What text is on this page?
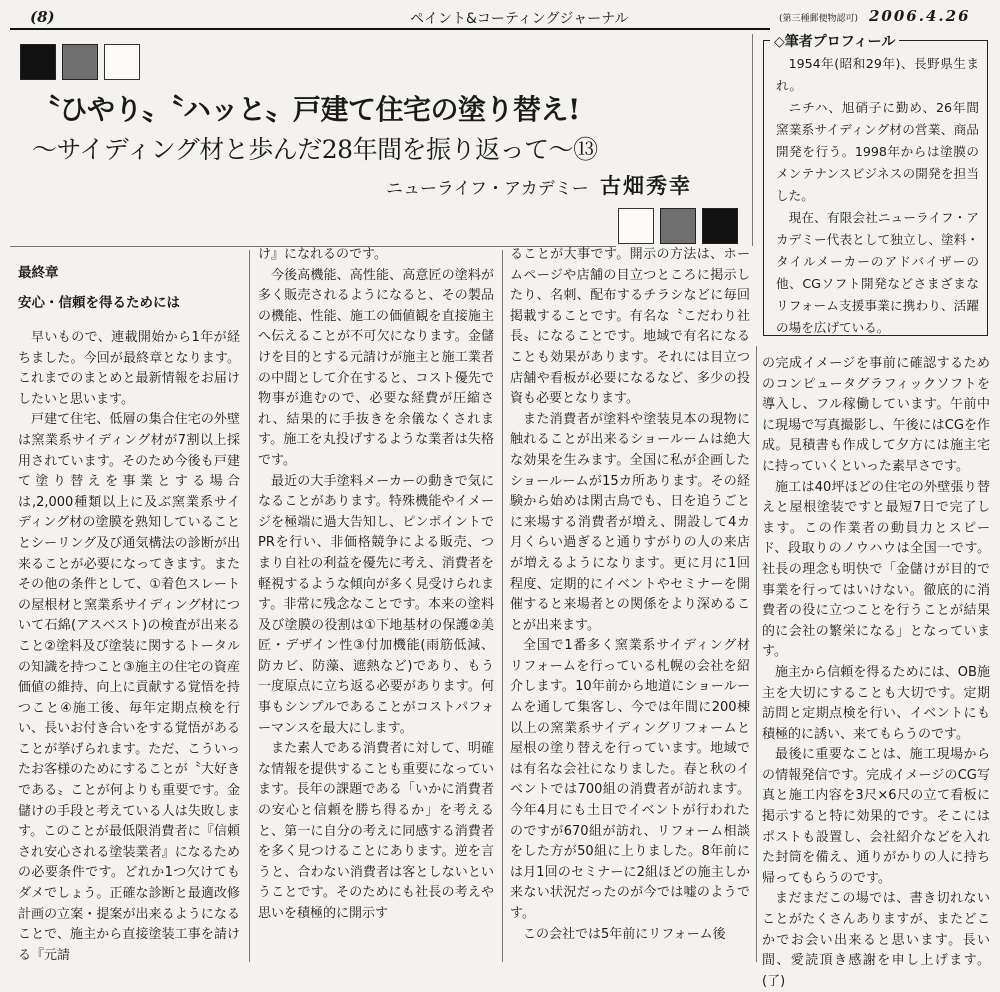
(8)	ペイント&コーティングジャーナル	(第三種郵便物認可) 2006.4.26
〝ひやり〟〝ハッと〟戸建て住宅の塗り替え!
〜サイディング材と歩んだ28年間を振り返って〜⑬
ニューライフ・アカデミー 古畑秀幸
◇筆者プロフィール

1954年(昭和29年)、長野県生まれ。

ニチハ、旭硝子に勤め、26年間窯業系サイディング材の営業、商品開発を行う。1998年からは塗膜のメンテナンスビジネスの開発を担当した。

現在、有限会社ニューライフ・アカデミー代表として独立し、塗料・タイルメーカーのアドバイザーの他、CGソフト開発などさまざまなリフォーム支援事業に携わり、活躍の場を広げている。

最終章
安心・信頼を得るためには

早いもので、連載開始から1年が経ちました。今回が最終章となります。これまでのまとめと最新情報をお届けしたいと思います。

戸建て住宅、低層の集合住宅の外壁は窯業系サイディング材が7割以上採用されています。そのため今後も戸建て塗り替えを事業とする場合は,2,000種類以上に及ぶ窯業系サイディング材の塗膜を熟知していることとシーリング及び通気構法の診断が出来ることが必要になってきます。またその他の条件として、①着色スレートの屋根材と窯業系サイディング材について石綿(アスベスト)の検査が出来ること②塗料及び塗装に関するトータルの知識を持つこと③施主の住宅の資産価値の維持、向上に貢献する覚悟を持つこと④施工後、毎年定期点検を行い、長いお付き合いをする覚悟があることが挙げられます。ただ、こういったお客様のためにすることが〝大好きである〟ことが何よりも重要です。金儲けの手段と考えている人は失敗します。このことが最低限消費者に『信頼され安心される塗装業者』になるための必要条件です。どれか1つ欠けてもダメでしょう。正確な診断と最適改修計画の立案・提案が出来るようになることで、施主から直接塗装工事を請ける『元請

け』になれるのです。

今後高機能、高性能、高意匠の塗料が多く販売されるようになると、その製品の機能、性能、施工の価値観を直接施主へ伝えることが不可欠になります。金儲けを目的とする元請けが施主と施工業者の中間として介在すると、コスト優先で物事が進むので、必要な経費が圧縮され、結果的に手抜きを余儀なくされます。施工を丸投げするような業者は失格です。

最近の大手塗料メーカーの動きで気になることがあります。特殊機能やイメージを極端に過大告知し、ピンポイントでPRを行い、非価格競争による販売、つまり自社の利益を優先に考え、消費者を軽視するような傾向が多く見受けられます。非常に残念なことです。本来の塗料及び塗膜の役割は①下地基材の保護②美匠・デザイン性③付加機能(雨筋低減、防カビ、防藻、遮熱など)であり、もう一度原点に立ち返る必要があります。何事もシンプルであることがコストパフォーマンスを最大にします。

また素人である消費者に対して、明確な情報を提供することも重要になっています。長年の課題である「いかに消費者の安心と信頼を勝ち得るか」を考えると、第一に自分の考えに同感する消費者を多く見つけることにあります。逆を言うと、合わない消費者は客としないということです。そのためにも社長の考えや思いを積極的に開示す

ることが大事です。開示の方法は、ホームページや店舗の目立つところに掲示したり、名刺、配布するチラシなどに毎回掲載することです。有名な〝こだわり社長〟になることです。地域で有名になることも効果があります。それには目立つ店舗や看板が必要になるなど、多少の投資も必要となります。

また消費者が塗料や塗装見本の現物に触れることが出来るショールームは絶大な効果を生みます。全国に私が企画したショールームが15カ所あります。その経験から始めは閑古鳥でも、日を追うごとに来場する消費者が増え、開設して4カ月くらい過ぎると通りすがりの人の来店が増えるようになります。更に月に1回程度、定期的にイベントやセミナーを開催すると来場者との関係をより深めることが出来ます。

全国で1番多く窯業系サイディング材リフォームを行っている札幌の会社を紹介します。10年前から地道にショールームを通して集客し、今では年間に200棟以上の窯業系サイディングリフォームと屋根の塗り替えを行っています。地域では有名な会社になりました。春と秋のイベントでは700組の消費者が訪れます。今年4月にも土日でイベントが行われたのですが670組が訪れ、リフォーム相談をした方が50組に上りました。8年前には月1回のセミナーに2組ほどの施主しか来ない状況だったのが今では嘘のようです。

この会社では5年前にリフォーム後

の完成イメージを事前に確認するためのコンピュータグラフィックソフトを導入し、フル稼働しています。午前中に現場で写真撮影し、午後にはCGを作成。見積書も作成して夕方には施主宅に持っていくといった素早さです。

施工は40坪ほどの住宅の外壁張り替えと屋根塗装ですと最短7日で完了します。この作業者の動員力とスピード、段取りのノウハウは全国一です。社長の理念も明快で「金儲けが目的で事業を行ってはいけない。徹底的に消費者の役に立つことを行うことが結果的に会社の繁栄になる」となっています。

施主から信頼を得るためには、OB施主を大切にすることも大切です。定期訪問と定期点検を行い、イベントにも積極的に誘い、来てもらうのです。

最後に重要なことは、施工現場からの情報発信です。完成イメージのCG写真と施工内容を3尺×6尺の立て看板に掲示すると特に効果的です。そこにはポストも設置し、会社紹介などを入れた封筒を備え、通りがかりの人に持ち帰ってもらうのです。

まだまだこの場では、書き切れないことがたくさんありますが、またどこかでお会い出来ると思います。長い間、愛読頂き感謝を申し上げます。 (了)
